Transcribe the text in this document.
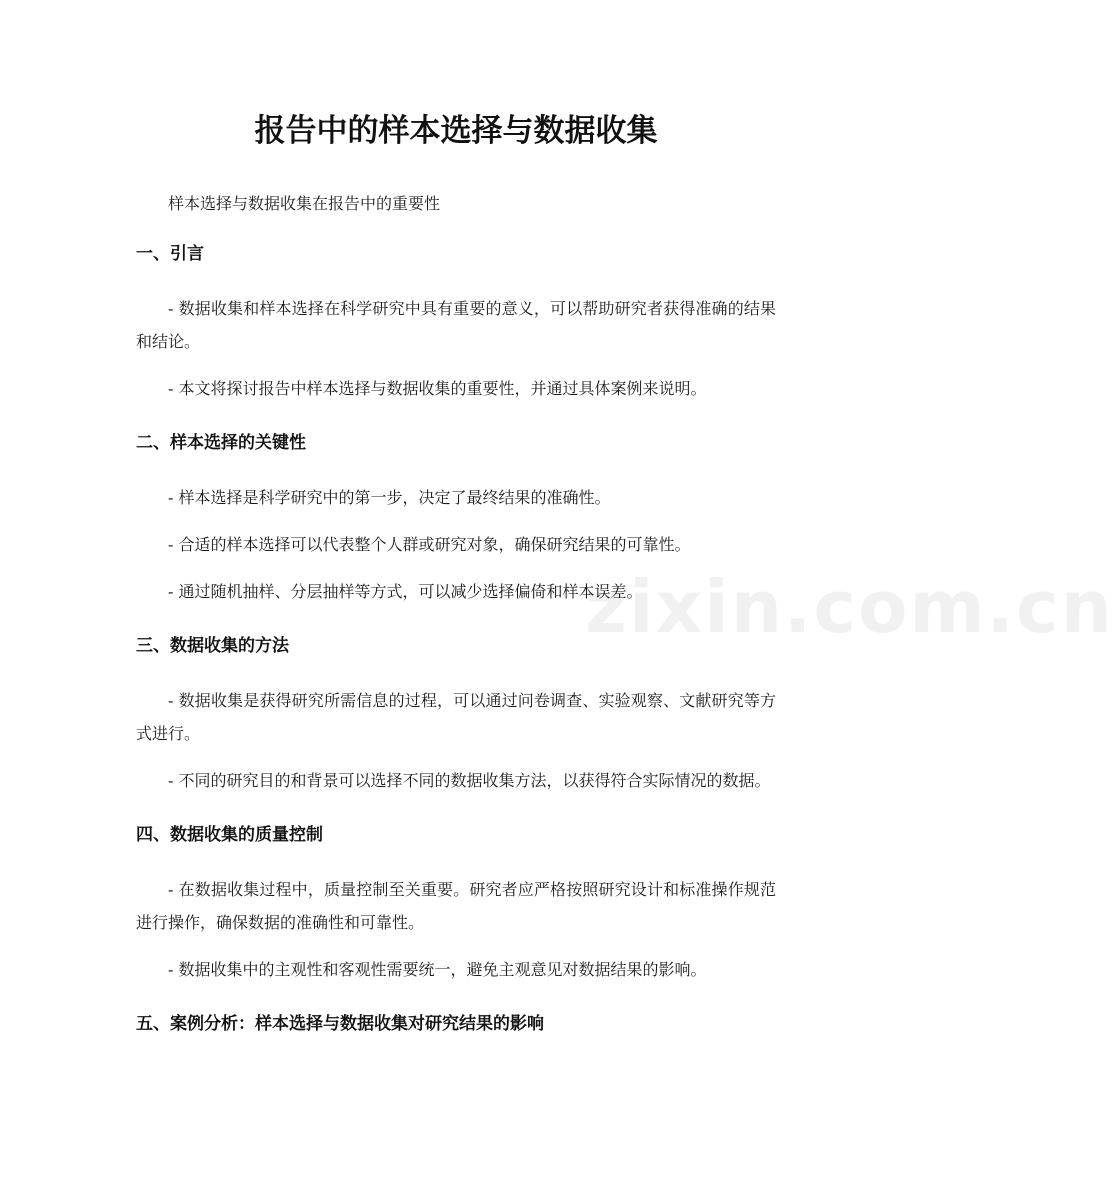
zixin.com.cn
报告中的样本选择与数据收集

样本选择与数据收集在报告中的重要性

一、引言

- 数据收集和样本选择在科学研究中具有重要的意义，可以帮助研究者获得准确的结果和结论。

- 本文将探讨报告中样本选择与数据收集的重要性，并通过具体案例来说明。

二、样本选择的关键性

- 样本选择是科学研究中的第一步，决定了最终结果的准确性。

- 合适的样本选择可以代表整个人群或研究对象，确保研究结果的可靠性。

- 通过随机抽样、分层抽样等方式，可以减少选择偏倚和样本误差。

三、数据收集的方法

- 数据收集是获得研究所需信息的过程，可以通过问卷调查、实验观察、文献研究等方式进行。

- 不同的研究目的和背景可以选择不同的数据收集方法，以获得符合实际情况的数据。

四、数据收集的质量控制

- 在数据收集过程中，质量控制至关重要。研究者应严格按照研究设计和标准操作规范进行操作，确保数据的准确性和可靠性。

- 数据收集中的主观性和客观性需要统一，避免主观意见对数据结果的影响。

五、案例分析：样本选择与数据收集对研究结果的影响
